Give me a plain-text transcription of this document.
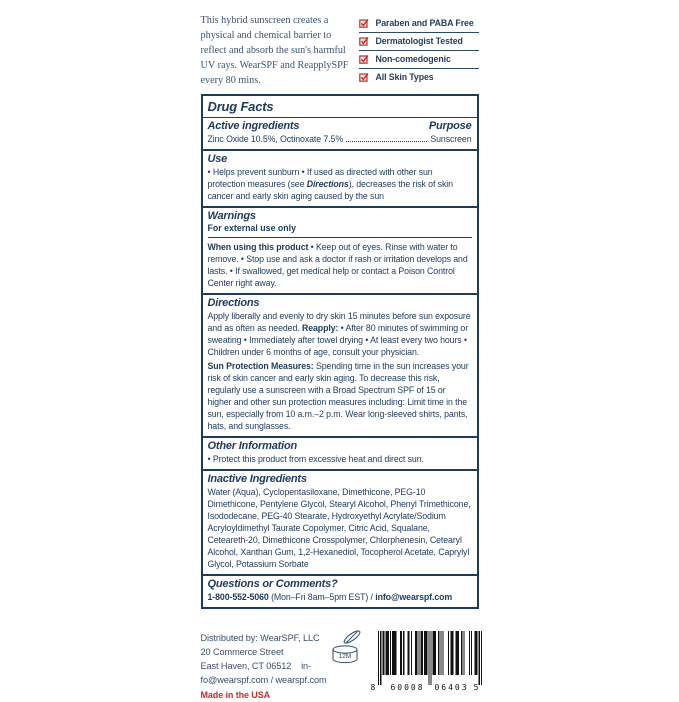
This hybrid sunscreen creates a physical and chemical barrier to reflect and absorb the sun's harmful UV rays. WearSPF and ReapplySPF every 80 mins.

Paraben and PABA Free
Dermatologist Tested
Non-comedogenic
All Skin Types
Drug Facts
Active ingredients	Purpose
Zinc Oxide 10.5%, Octinoxate 7.5%	Sunscreen
Use

• Helps prevent sunburn • If used as directed with other sun protection measures (see Directions), decreases the risk of skin cancer and early skin aging caused by the sun

Warnings
For external use only

When using this product • Keep out of eyes. Rinse with water to remove. • Stop use and ask a doctor if rash or irritation develops and lasts. • If swallowed, get medical help or contact a Poison Control Center right away.

Directions

Apply liberally and evenly to dry skin 15 minutes before sun exposure and as often as needed. Reapply: • After 80 minutes of swimming or sweating • Immediately after towel drying • At least every two hours • Children under 6 months of age, consult your physician.

Sun Protection Measures: Spending time in the sun increases your risk of skin cancer and early skin aging. To decrease this risk, regularly use a sunscreen with a Broad Spectrum SPF of 15 or higher and other sun protection measures including: Limit time in the sun, especially from 10 a.m.–2 p.m. Wear long-sleeved shirts, pants, hats, and sunglasses.

Other Information

• Protect this product from excessive heat and direct sun.

Inactive Ingredients

Water (Aqua), Cyclopentasiloxane, Dimethicone, PEG-10 Dimethicone, Pentylene Glycol, Stearyl Alcohol, Phenyl Trimethicone, Isododecane, PEG-40 Stearate, Hydroxyethyl Acrylate/Sodium Acryloyldimethyl Taurate Copolymer, Citric Acid, Squalane, Ceteareth-20, Dimethicone Crosspolymer, Chlorphenesin, Cetearyl Alcohol, Xanthan Gum, 1,2-Hexanediol, Tocopherol Acetate, Caprylyl Glycol, Potassium Sorbate

Questions or Comments?

1-800-552-5060 (Mon–Fri 8am–5pm EST) / info@wearspf.com

Distributed by: WearSPF, LLC
20 Commerce Street
East Haven, CT 06512    in-
fo@wearspf.com / wearspf.com
Made in the USA
12M
8	60008	06403 5
